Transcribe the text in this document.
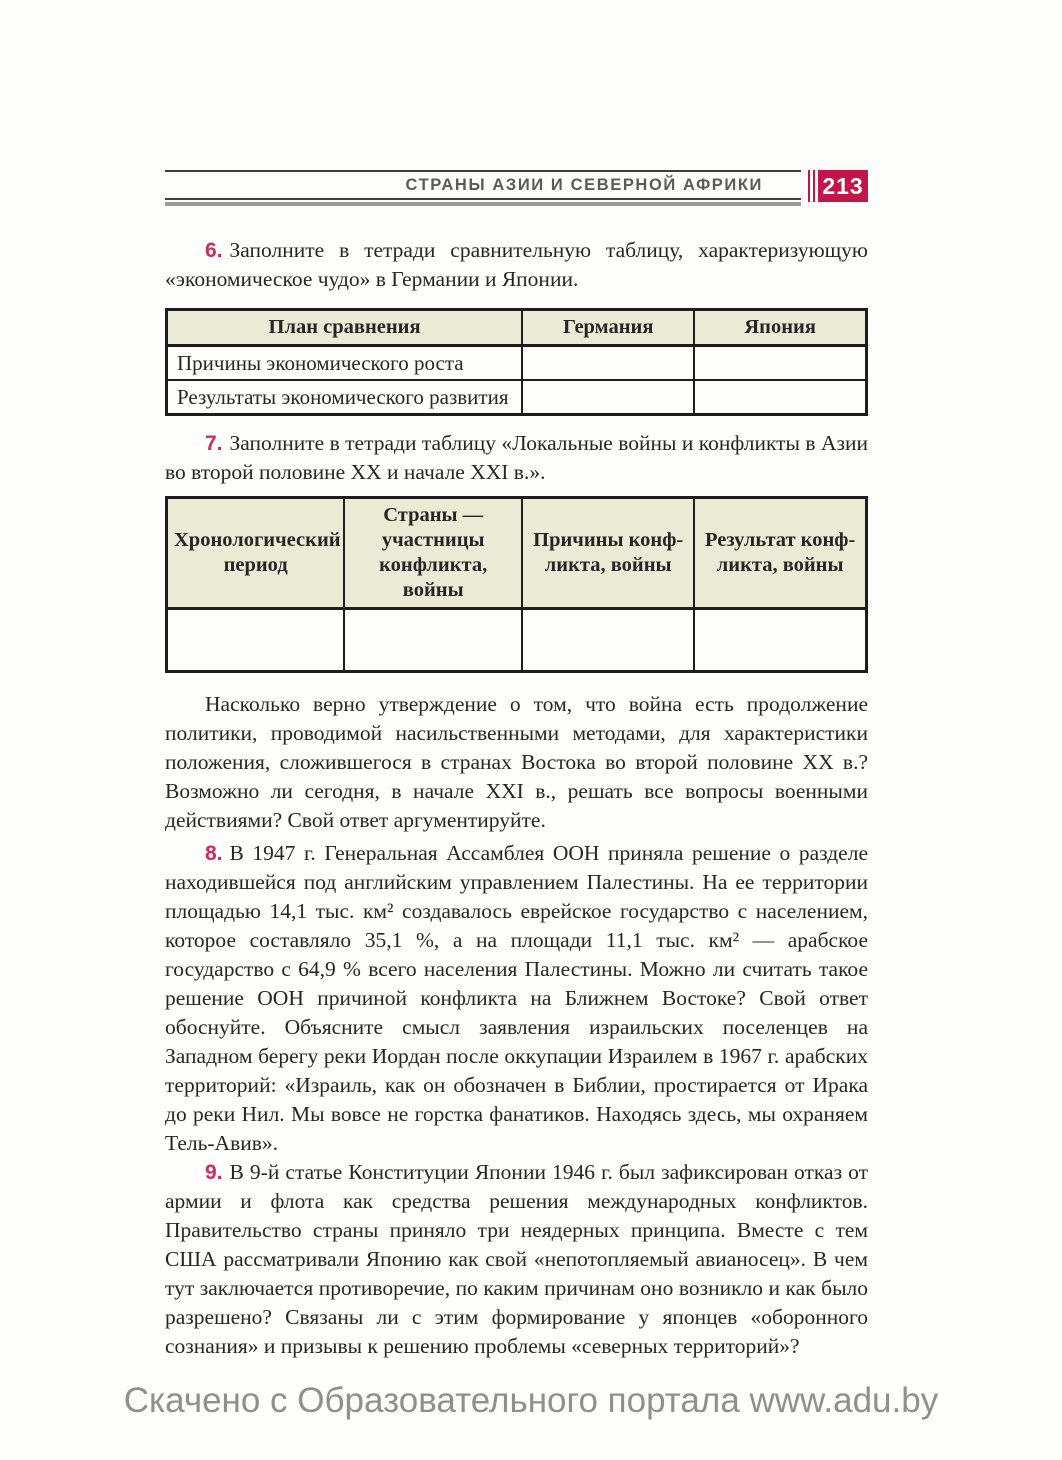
СТРАНЫ АЗИИ И СЕВЕРНОЙ АФРИКИ	213

6. Заполните в тетради сравнительную таблицу, характеризующую «экономическое чудо» в Германии и Японии.

План сравнения	Германия	Япония
Причины экономического роста		
Результаты экономического развития		

7. Заполните в тетради таблицу «Локальные войны и конфликты в Азии во второй половине XX и начале XXI в.».

Хронологический период	Страны — участницы конфликта, войны	Причины конфликта, войны	Результат конфликта, войны

Насколько верно утверждение о том, что война есть продолжение политики, проводимой насильственными методами, для характеристики положения, сложившегося в странах Востока во второй половине XX в.? Возможно ли сегодня, в начале XXI в., решать все вопросы военными действиями? Свой ответ аргументируйте.

8. В 1947 г. Генеральная Ассамблея ООН приняла решение о разделе находившейся под английским управлением Палестины. На ее территории площадью 14,1 тыс. км² создавалось еврейское государство с населением, которое составляло 35,1 %, а на площади 11,1 тыс. км² — арабское государство с 64,9 % всего населения Палестины. Можно ли считать такое решение ООН причиной конфликта на Ближнем Востоке? Свой ответ обоснуйте. Объясните смысл заявления израильских поселенцев на Западном берегу реки Иордан после оккупации Израилем в 1967 г. арабских территорий: «Израиль, как он обозначен в Библии, простирается от Ирака до реки Нил. Мы вовсе не горстка фанатиков. Находясь здесь, мы охраняем Тель-Авив».

9. В 9-й статье Конституции Японии 1946 г. был зафиксирован отказ от армии и флота как средства решения международных конфликтов. Правительство страны приняло три неядерных принципа. Вместе с тем США рассматривали Японию как свой «непотопляемый авианосец». В чем тут заключается противоречие, по каким причинам оно возникло и как было разрешено? Связаны ли с этим формирование у японцев «оборонного сознания» и призывы к решению проблемы «северных территорий»?

Скачено с Образовательного портала www.adu.by
